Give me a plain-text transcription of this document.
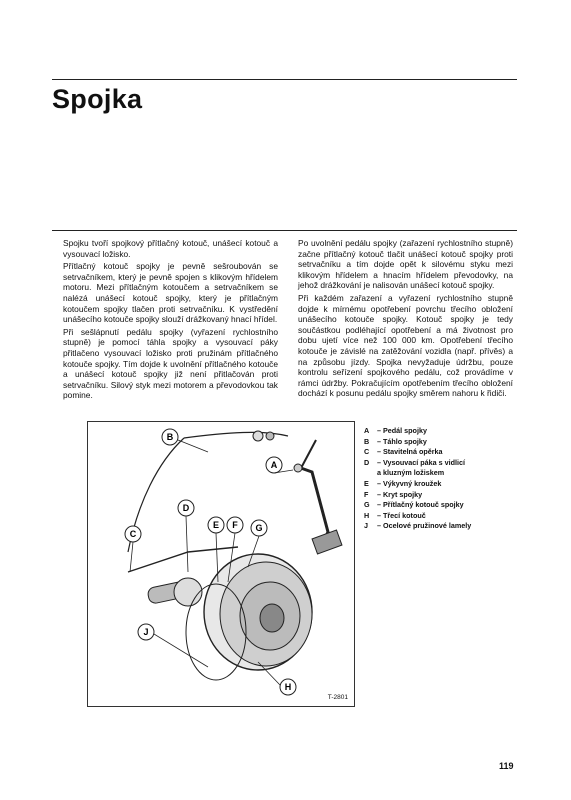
Spojka

Spojku tvoří spojkový přítlačný kotouč, unášecí kotouč a vysouvací ložisko.

Přítlačný kotouč spojky je pevně sešroubován se setrvačníkem, který je pevně spojen s klikovým hřídelem motoru. Mezi přítlačným kotoučem a setrvačníkem se nalézá unášecí kotouč spojky, který je přítlačným kotoučem spojky tlačen proti setrvačníku. K vystředění unášecího kotouče spojky slouží drážkovaný hnací hřídel.

Při sešlápnutí pedálu spojky (vyřazení rychlostního stupně) je pomocí táhla spojky a vysouvací páky přitlačeno vysouvací ložisko proti pružinám přítlačného kotouče spojky. Tím dojde k uvolnění přítlačného kotouče a unášecí kotouč spojky již není přitlačován proti setrvačníku. Silový styk mezi motorem a převodovkou tak pomine.

Po uvolnění pedálu spojky (zařazení rychlostního stupně) začne přítlačný kotouč tlačit unášecí kotouč spojky proti setrvačníku a tím dojde opět k silovému styku mezi klikovým hřídelem a hnacím hřídelem převodovky, na jehož drážkování je nalisován unášecí kotouč spojky.

Při každém zařazení a vyřazení rychlostního stupně dojde k mírnému opotřebení povrchu třecího obložení unášecího kotouče spojky. Kotouč spojky je tedy součástkou podléhající opotřebení a má životnost pro dobu ujetí více než 100 000 km. Opotřebení třecího kotouče je závislé na zatěžování vozidla (např. přívěs) a na způsobu jízdy. Spojka nevyžaduje údržbu, pouze kontrolu seřízení spojkového pedálu, což provádíme v rámci údržby. Pokračujícím opotřebením třecího obložení dochází k posunu pedálu spojky směrem nahoru k řidiči.

B
A
D
E F G
C
J
H
T-2801
A	– Pedál spojky
B	– Táhlo spojky
C	– Stavitelná opěrka
D	– Vysouvací páka s vidlicí
a kluzným ložiskem
E	– Výkyvný kroužek
F	– Kryt spojky
G	– Přítlačný kotouč spojky
H	– Třecí kotouč
J	– Ocelové pružinové lamely
119
